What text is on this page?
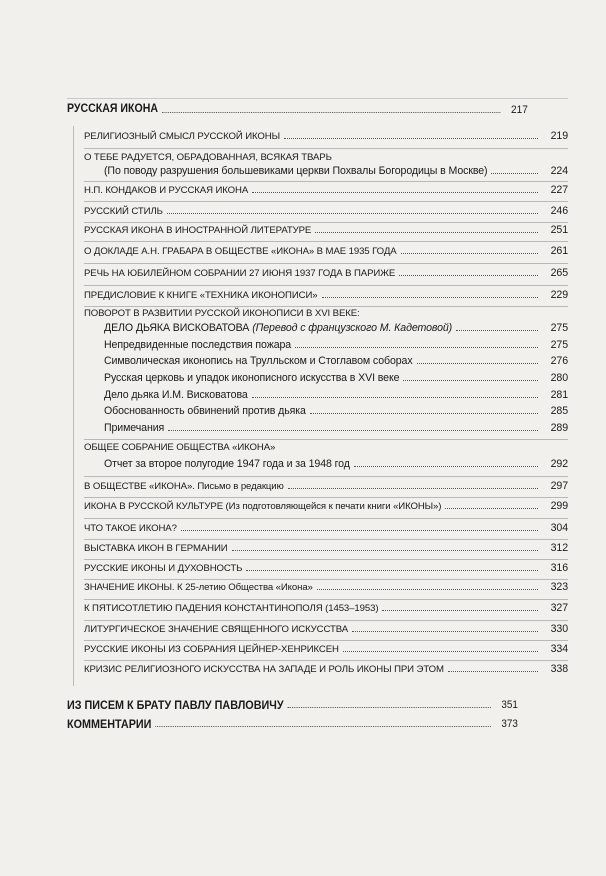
РУССКАЯ ИКОНА	217
РЕЛИГИОЗНЫЙ СМЫСЛ РУССКОЙ ИКОНЫ	219
О ТЕБЕ РАДУЕТСЯ, ОБРАДОВАННАЯ, ВСЯКАЯ ТВАРЬ
(По поводу разрушения большевиками церкви Похвалы Богородицы в Москве)	224
Н.П. КОНДАКОВ И РУССКАЯ ИКОНА	227
РУССКИЙ СТИЛЬ	246
РУССКАЯ ИКОНА В ИНОСТРАННОЙ ЛИТЕРАТУРЕ	251
О ДОКЛАДЕ А.Н. ГРАБАРА В ОБЩЕСТВЕ «ИКОНА» В МАЕ 1935 ГОДА	261
РЕЧЬ НА ЮБИЛЕЙНОМ СОБРАНИИ 27 ИЮНЯ 1937 ГОДА В ПАРИЖЕ	265
ПРЕДИСЛОВИЕ К КНИГЕ «ТЕХНИКА ИКОНОПИСИ»	229
ПОВОРОТ В РАЗВИТИИ РУССКОЙ ИКОНОПИСИ В XVI ВЕКЕ:
ДЕЛО ДЬЯКА ВИСКОВАТОВА (Перевод с французского М. Кадетовой)	275
Непредвиденные последствия пожара	275
Символическая иконопись на Трулльском и Стоглавом соборах	276
Русская церковь и упадок иконописного искусства в XVI веке	280
Дело дьяка И.М. Висковатова	281
Обоснованность обвинений против дьяка	285
Примечания	289
ОБЩЕЕ СОБРАНИЕ ОБЩЕСТВА «ИКОНА»
Отчет за второе полугодие 1947 года и за 1948 год	292
В ОБЩЕСТВЕ «ИКОНА». Письмо в редакцию	297
ИКОНА В РУССКОЙ КУЛЬТУРЕ (Из подготовляющейся к печати книги «ИКОНЫ»)	299
ЧТО ТАКОЕ ИКОНА?	304
ВЫСТАВКА ИКОН В ГЕРМАНИИ	312
РУССКИЕ ИКОНЫ И ДУХОВНОСТЬ	316
ЗНАЧЕНИЕ ИКОНЫ. К 25-летию Общества «Икона»	323
К ПЯТИСОТЛЕТИЮ ПАДЕНИЯ КОНСТАНТИНОПОЛЯ (1453–1953)	327
ЛИТУРГИЧЕСКОЕ ЗНАЧЕНИЕ СВЯЩЕННОГО ИСКУССТВА	330
РУССКИЕ ИКОНЫ ИЗ СОБРАНИЯ ЦЕЙНЕР-ХЕНРИКСЕН	334
КРИЗИС РЕЛИГИОЗНОГО ИСКУССТВА НА ЗАПАДЕ И РОЛЬ ИКОНЫ ПРИ ЭТОМ	338
ИЗ ПИСЕМ К БРАТУ ПАВЛУ ПАВЛОВИЧУ	351
КОММЕНТАРИИ	373
